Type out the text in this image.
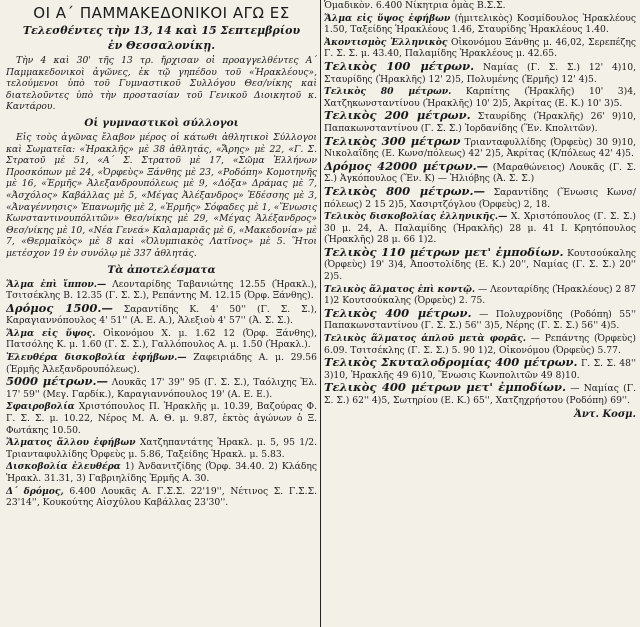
ΟΙ Α΄ ΠΑΜΜΑΚΕΔΟΝΙΚΟΙ ΑΓΩ ΕΣ
Τελεσθέντες τὴν 13, 14 καὶ 15 Σεπτεμβρίου
ἐν Θεσσαλονίκῃ.

Τὴν 4 καὶ 30' τῆς 13 τρ. ἤρχισαν οἱ προαγγελθέντες Α΄ Παμμακεδονικοὶ ἀγῶνες, ἐκ τῷ γηπέδου τοῦ «Ἡρακλέους», τελούμενοι ὑπὸ τοῦ Γυμναστικοῦ Συλλόγου Θεσ/νίκης καὶ διατελοῦντες ὑπὸ τὴν προστασίαν τοῦ Γενικοῦ Διοικητοῦ κ. Καντάρου.

Οἱ γυμναστικοὶ σύλλογοι

Εἰς τοὺς ἀγῶνας ἔλαβον μέρος οἱ κάτωθι ἀθλητικοὶ Σύλλογοι καὶ Σωματεῖα: «Ἡρακλῆς» μὲ 38 ἀθλητάς, «Ἄρης» μὲ 22, «Γ. Σ. Στρατοῦ μὲ 51, «Α΄ Σ. Στρατοῦ μὲ 17, «Σῶμα Ἑλλήνων Προσκόπων μὲ 24, «Ὀρφεὺς» Ξάνθης μὲ 23, «Ροδόπη» Κομοτηνῆς μὲ 16, «Ἑρμῆς» Ἀλεξανδρουπόλεως μὲ 9, «Δόξα» Δράμας μὲ 7, «Ἀσχόλος» Καβάλλας μὲ 5, «Μέγας Ἀλέξανδρος» Ἐδέσσης μὲ 3, «Ἀναγέννησις» Ἐπανωμῆς μὲ 2, «Ἑρμῆς» Σόφαδες μὲ 1, «Ἕνωσις Κωνσταντινουπόλιτῶν» Θεσ/νίκης μὲ 29, «Μέγας Ἀλέξανδρος» Θεσ/νίκης μὲ 10, «Νέα Γενεά» Καλαμαριᾶς μὲ 6, «Μακεδονία» μὲ 7, «Θερμαϊκὸς» μὲ 8 καὶ «Ὀλυμπιακὸς Λατῖνος» μὲ 5. Ἥτοι μετέσχον 19 ἐν συνόλῳ μὲ 337 ἀθλητάς.

Τὰ ἀποτελέσματα

Ἅλμα ἐπὶ ἵππον.— Λεονταρίδης Ταβανιώτης 12.55 (Ἡρακλ.), Τσιτσέκλης Β. 12.35 (Γ. Σ. Σ.), Ρεπάντης Μ. 12.15 (Ὀρφ. Ξάνθης).

Δρόμος 1500.— Σαραντίδης Κ. 4' 50'' (Γ. Σ. Σ.), Καραγιαννόπουλος 4' 51'' (Α. Ε. Α.), Ἀλεξιοὺ 4' 57'' (Ἀ. Σ. Σ.).

Ἅλμα εἰς ὕψος. Οἰκονόμου Χ. μ. 1.62 12 (Ὀρφ. Ξάνθης), Πατσόλης Κ. μ. 1.60 (Γ. Σ. Σ.), Γαλλόπουλος Α. μ. 1.50 (Ἡρακλ.).

Ἐλευθέρα δισκοβολία ἐφήβων.— Ζαφειριάδης Α. μ. 29.56 (Ἑρμῆς Ἀλεξανδρουπόλεως).

5000 μέτρων.— Λουκᾶς 17' 39'' 95 (Γ. Σ. Σ.), Ταόλιχης Ἐλ. 17' 59'' (Μεγ. Γαρδίκ.), Καραγιαννόπουλος 19' (Α. Ε. Ε.).

Σφαιροβολία Χριστόπουλος Π. Ἡρακλῆς μ. 10.39, Βαζούρας Φ. Γ. Σ. Σ. μ. 10.22, Νέρος Μ. Α. Θ. μ. 9.87, ἐκτὸς ἀγώνων ὁ Ξ. Φωτάκης 10.50.

Ἅλματος ἄλλου ἐφήβων Χατζηπαντάτης Ἡρακλ. μ. 5, 95 1/2. Τριανταφυλλίδης Ὀρφεὺς μ. 5.86, Ταξείδης Ἡρακλ. μ. 5.83.

Δισκοβολία ἐλευθέρα 1) Ἀνδανιτζίδης (Ὀρφ. 34.40. 2) Κλάδης Ἡρακλ. 31.31, 3) Γαβριηλίδης Ἑρμῆς Α. 30.

Δ΄ δρόμος, 6.400 Λουκᾶς Α. Γ.Σ.Σ. 22'19'', Νέτινος Σ. Γ.Σ.Σ. 23'14'', Κουκούτης Αἰσχύλου Καβάλλας 23'30''.

Ὁμαδικὸν. 6.400 Νίκητρια ὁμὰς Β.Σ.Σ.

Ἅλμα εἰς ὕψος ἐφήβων (ἡμιτελικὸς) Κοσμίδουλος Ἡρακλέους 1.50, Ταξείδης Ἡρακλέους 1.46, Σταυρίδης Ἡρακλέους 1.40.

Ἀκοντισμὸς Ἑλληνικὸς Οἰκονόμου Ξάνθης μ. 46,02, Σερεπέζης Γ. Σ. Σ. μ. 43.40, Παλαμίδης Ἡρακλέους μ. 42.65.

Τελικὸς 100 μέτρων. Ναμίας (Γ. Σ. Σ.) 12' 4)10, Σταυρίδης (Ἡρακλῆς) 12' 2)5, Πολυμένης (Ἑρμῆς) 12' 4)5.

Τελικὸς 80 μέτρων. Καρπίτης (Ἡρακλῆς) 10' 3)4, Χατζηκωνσταντίνου (Ἡρακλῆς) 10' 2)5, Ἀκρίτας (Ε. Κ.) 10' 3)5.

Τελικὸς 200 μέτρων. Σταυρίδης (Ἡρακλῆς) 26' 9)10, Παπακωνσταντίνου (Γ. Σ. Σ.) Ἰορδανίδης (Ἕν. Κπολιτῶν).

Τελικὸς 300 μέτρων Τριανταφυλλίδης (Ὀρφεὺς) 30 9)10, Νικολαΐδης (Ε. Κωνσ/πόλεως) 42' 2)5, Ἀκρίτας (Κ/πόλεως 42' 4)5.

Δρόμος 42000 μέτρων.— (Μαραθώνειος) Λουκᾶς (Γ. Σ. Σ.) Ἀγκόπουλος (Ἕν. Κ) — Ἡλιόβης (Ἀ. Σ. Σ.)

Τελικὸς 800 μέτρων.— Σαραντίδης (Ἕνωσις Κωνσ/πόλεως) 2 15 2)5, Χασιρτζόγλου (Ὀρφεὺς) 2, 18.

Τελικὸς δισκοβολίας ἑλληνικῆς.— Χ. Χριστόπουλος (Γ. Σ. Σ.) 30 μ. 24, Α. Παλαμίδης (Ἡρακλῆς) 28 μ. 41 Ι. Κρητόπουλος (Ἡρακλῆς) 28 μ. 66 1)2.

Τελικὸς 110 μέτρων μετ' ἐμποδίων. Κουτσούκαλης (Ὀρφεὺς) 19' 3)4, Ἀποστολίδης (Ε. Κ.) 20'', Ναμίας (Γ. Σ. Σ.) 20'' 2)5.

Τελικὸς ἅλματος ἐπὶ κοντῷ. — Λεονταρίδης (Ἡρακλέους) 2 87 1)2 Κουτσούκαλης (Ὀρφεὺς) 2. 75.

Τελικὸς 400 μέτρων. — Πολυχρονίδης (Ροδόπη) 55'' Παπακωνσταντίνου (Γ. Σ. Σ.) 56'' 3)5, Νέρης (Γ. Σ. Σ.) 56'' 4)5.

Τελικὸς ἅλματος ἁπλοῦ μετὰ φορᾶς. — Ρεπάντης (Ὀρφεὺς) 6.09. Τσιτσέκλης (Γ. Σ. Σ.) 5. 90 1)2, Οἰκονόμου (Ὀρφεὺς) 5.77.

Τελικὸς Σκυταλοδρομίας 400 μέτρων. Γ. Σ. Σ. 48'' 3)10, Ἡρακλῆς 49 6)10, Ἕνωσις Κωνπολιτῶν 49 8)10.

Τελικὸς 400 μέτρων μετ' ἐμποδίων. — Ναμίας (Γ. Σ. Σ.) 62'' 4)5, Σωτηρίου (Ε. Κ.) 65'', Χατζηχρήστου (Ροδόπη) 69''.

Ἀντ. Κοσμ.
